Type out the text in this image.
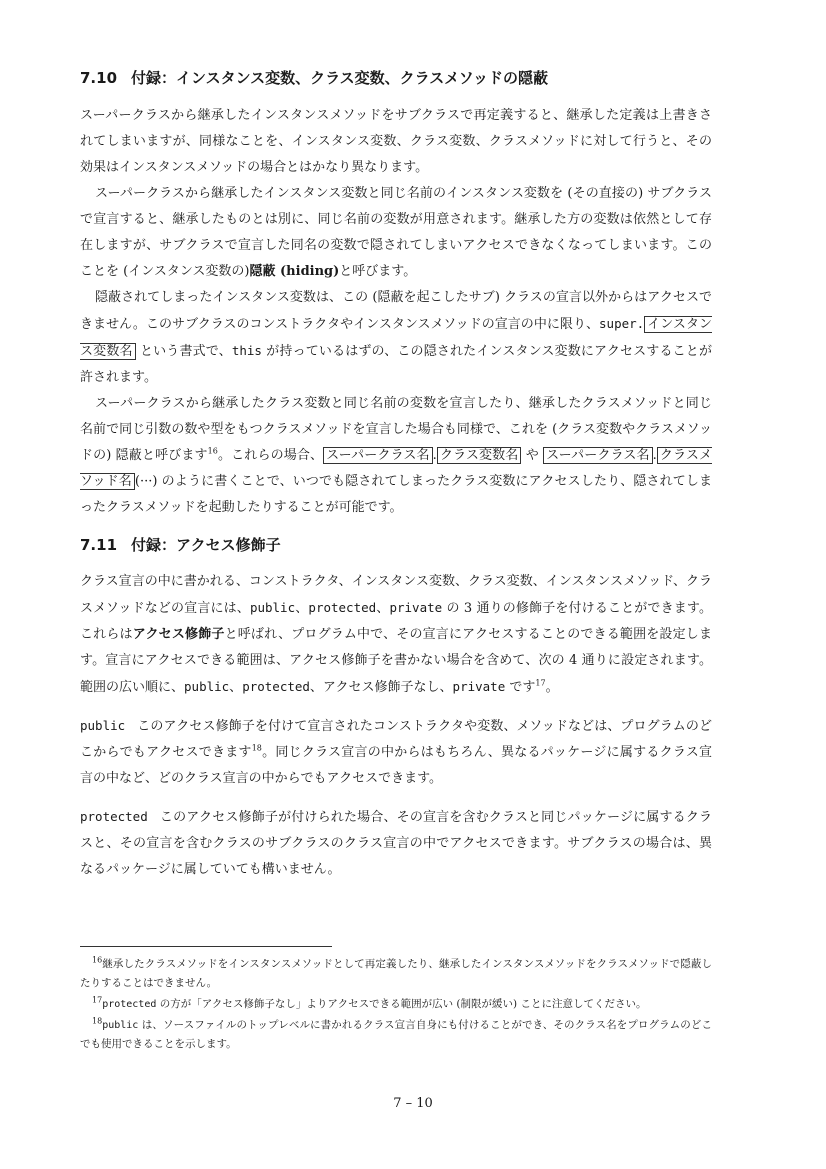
7.10 付録：インスタンス変数、クラス変数、クラスメソッドの隠蔽

スーパークラスから継承したインスタンスメソッドをサブクラスで再定義すると、継承した定義は上書きされてしまいますが、同様なことを、インスタンス変数、クラス変数、クラスメソッドに対して行うと、その効果はインスタンスメソッドの場合とはかなり異なります。

スーパークラスから継承したインスタンス変数と同じ名前のインスタンス変数を (その直接の) サブクラスで宣言すると、継承したものとは別に、同じ名前の変数が用意されます。継承した方の変数は依然として存在しますが、サブクラスで宣言した同名の変数で隠されてしまいアクセスできなくなってしまいます。このことを (インスタンス変数の)隠蔽 (hiding)と呼びます。

隠蔽されてしまったインスタンス変数は、この (隠蔽を起こしたサブ) クラスの宣言以外からはアクセスできません。このサブクラスのコンストラクタやインスタンスメソッドの宣言の中に限り、super. インスタンス変数名 という書式で、this が持っているはずの、この隠されたインスタンス変数にアクセスすることが許されます。

スーパークラスから継承したクラス変数と同じ名前の変数を宣言したり、継承したクラスメソッドと同じ名前で同じ引数の数や型をもつクラスメソッドを宣言した場合も同様で、これを (クラス変数やクラスメソッドの) 隠蔽と呼びます$^{16}$。これらの場合、 スーパークラス名 . クラス変数名 や スーパークラス名 . クラスメソッド名 (···) のように書くことで、いつでも隠されてしまったクラス変数にアクセスしたり、隠されてしまったクラスメソッドを起動したりすることが可能です。

7.11 付録：アクセス修飾子

クラス宣言の中に書かれる、コンストラクタ、インスタンス変数、クラス変数、インスタンスメソッド、クラスメソッドなどの宣言には、public、protected、private の 3 通りの修飾子を付けることができます。これらはアクセス修飾子と呼ばれ、プログラム中で、その宣言にアクセスすることのできる範囲を設定します。宣言にアクセスできる範囲は、アクセス修飾子を書かない場合を含めて、次の 4 通りに設定されます。範囲の広い順に、public、protected、アクセス修飾子なし、private です$^{17}$。

public このアクセス修飾子を付けて宣言されたコンストラクタや変数、メソッドなどは、プログラムのどこからでもアクセスできます$^{18}$。同じクラス宣言の中からはもちろん、異なるパッケージに属するクラス宣言の中など、どのクラス宣言の中からでもアクセスできます。

protected このアクセス修飾子が付けられた場合、その宣言を含むクラスと同じパッケージに属するクラスと、その宣言を含むクラスのサブクラスのクラス宣言の中でアクセスできます。サブクラスの場合は、異なるパッケージに属していても構いません。

$^{16}$継承したクラスメソッドをインスタンスメソッドとして再定義したり、継承したインスタンスメソッドをクラスメソッドで隠蔽したりすることはできません。

$^{17}$protected の方が「アクセス修飾子なし」よりアクセスできる範囲が広い (制限が緩い) ことに注意してください。

$^{18}$public は、ソースファイルのトップレベルに書かれるクラス宣言自身にも付けることができ、そのクラス名をプログラムのどこでも使用できることを示します。

7 – 10
